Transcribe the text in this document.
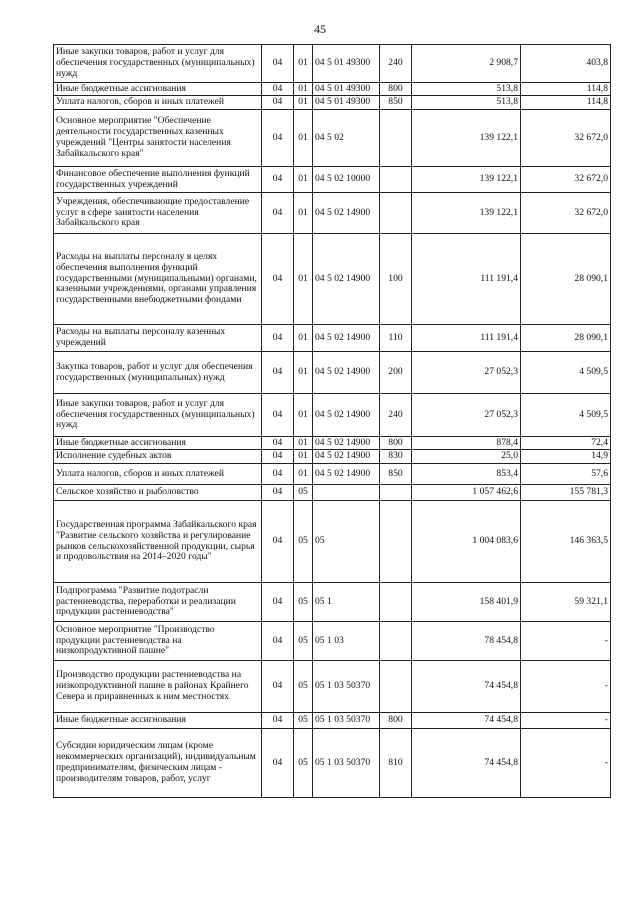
45
Иные закупки товаров, работ и услуг для обеспечения государственных (муниципальных) нужд	04	01	04 5 01 49300	240	2 908,7	403,8
Иные бюджетные ассигнования	04	01	04 5 01 49300	800	513,8	114,8
Уплата налогов, сборов и иных платежей	04	01	04 5 01 49300	850	513,8	114,8
Основное мероприятие "Обеспечение деятельности государственных казенных учреждений "Центры занятости населения Забайкальского края"	04	01	04 5 02		139 122,1	32 672,0
Финансовое обеспечение выполнения функций государственных учреждений	04	01	04 5 02 10000		139 122,1	32 672,0
Учреждения, обеспечивающие предоставление услуг в сфере занятости населения Забайкальского края	04	01	04 5 02 14900		139 122,1	32 672,0
Расходы на выплаты персоналу в целях обеспечения выполнения функций государственными (муниципальными) органами, казенными учреждениями, органами управления государственными внебюджетными фондами	04	01	04 5 02 14900	100	111 191,4	28 090,1
Расходы на выплаты персоналу казенных учреждений	04	01	04 5 02 14900	110	111 191,4	28 090,1
Закупка товаров, работ и услуг для обеспечения государственных (муниципальных) нужд	04	01	04 5 02 14900	200	27 052,3	4 509,5
Иные закупки товаров, работ и услуг для обеспечения государственных (муниципальных) нужд	04	01	04 5 02 14900	240	27 052,3	4 509,5
Иные бюджетные ассигнования	04	01	04 5 02 14900	800	878,4	72,4
Исполнение судебных актов	04	01	04 5 02 14900	830	25,0	14,9
Уплата налогов, сборов и иных платежей	04	01	04 5 02 14900	850	853,4	57,6
Сельское хозяйство и рыболовство	04	05			1 057 462,6	155 781,3
Государственная программа Забайкальского края "Развитие сельского хозяйства и регулирование рынков сельскохозяйственной продукции, сырья и продовольствия на 2014–2020 годы"	04	05	05		1 004 083,6	146 363,5
Подпрограмма "Развитие подотрасли растениеводства, переработки и реализации продукции растениеводства"	04	05	05 1		158 401,9	59 321,1
Основное мероприятие "Производство продукции растениеводства на низкопродуктивной пашне"	04	05	05 1 03		78 454,8	-
Производство продукции растениеводства на низкопродуктивной пашне в районах Крайнего Севера и приравненных к ним местностях	04	05	05 1 03 50370		74 454,8	-
Иные бюджетные ассигнования	04	05	05 1 03 50370	800	74 454,8	-
Субсидии юридическим лицам (кроме некоммерческих организаций), индивидуальным предпринимателям, физическим лицам - производителям товаров, работ, услуг	04	05	05 1 03 50370	810	74 454,8	-
